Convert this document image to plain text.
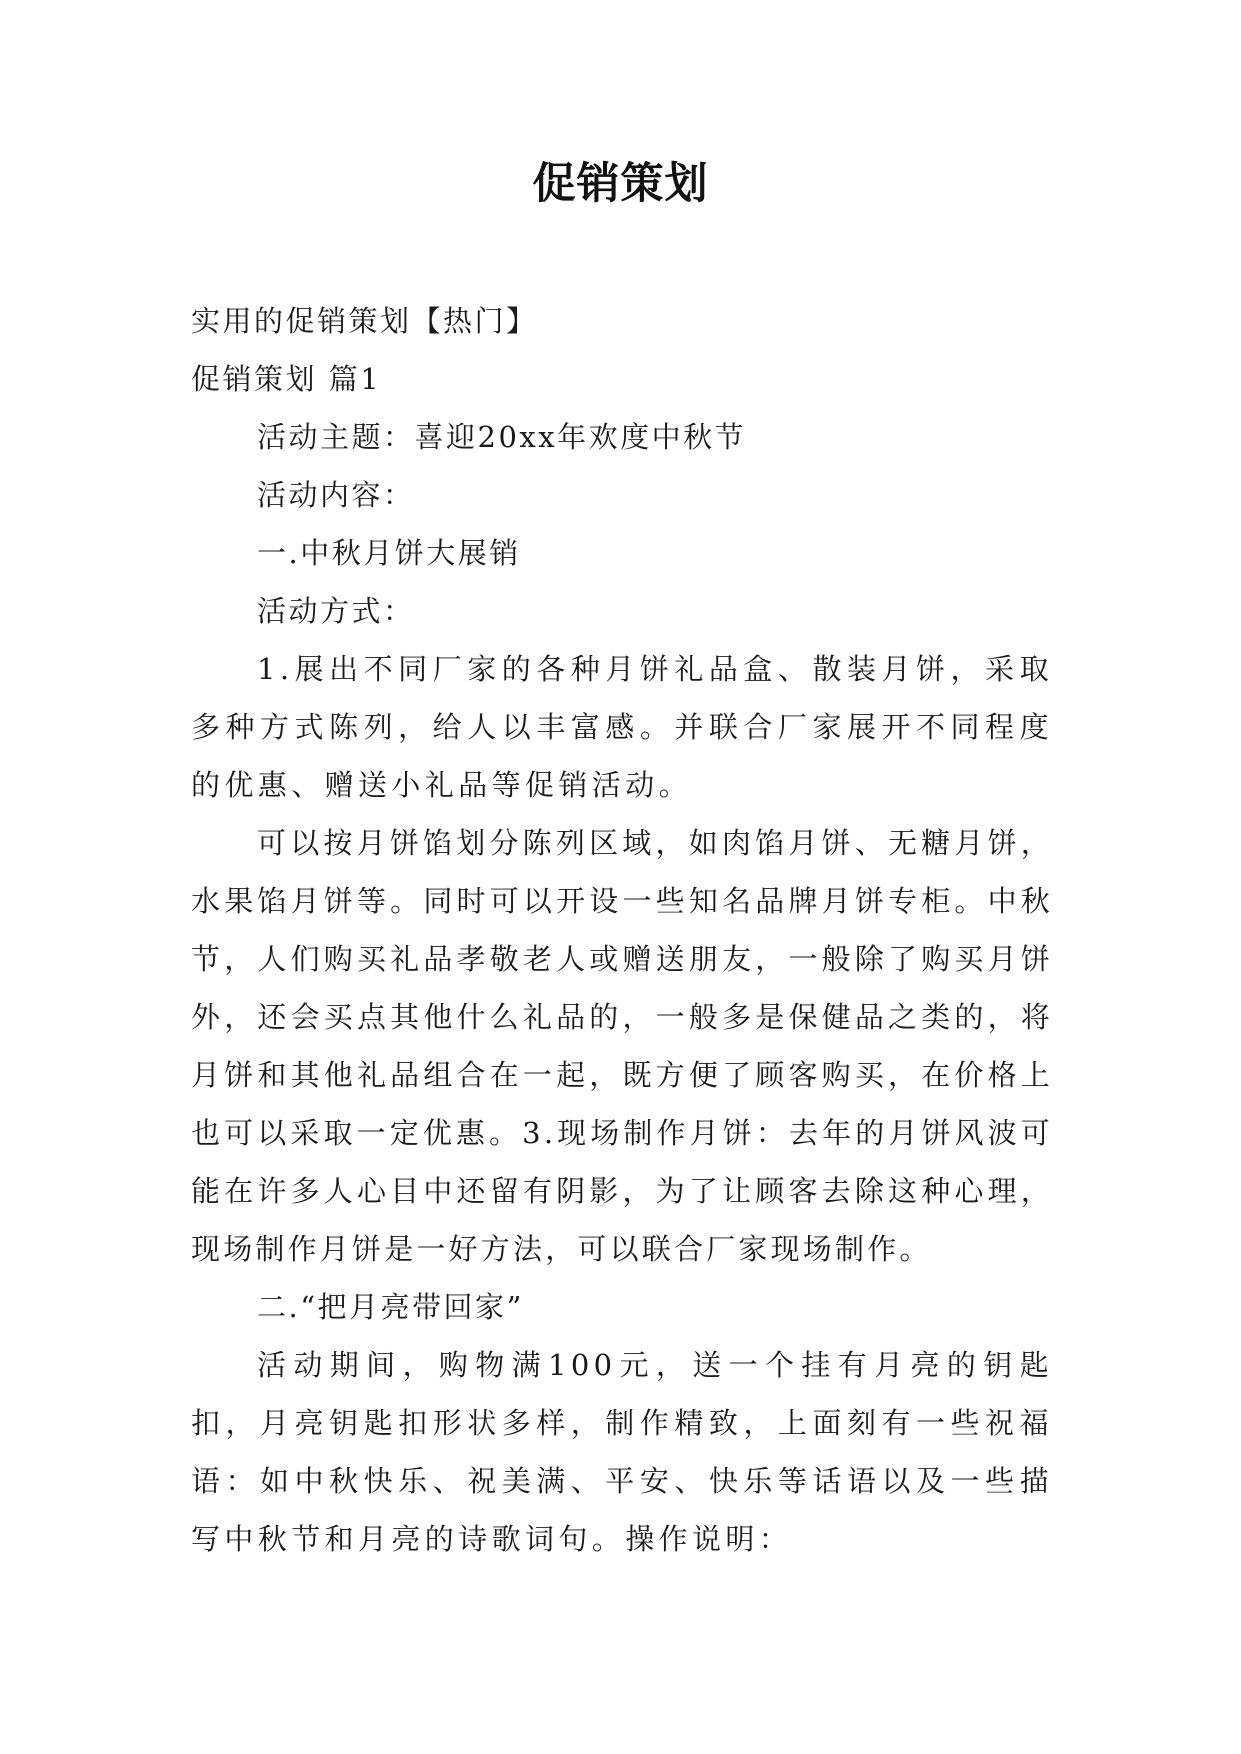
促销策划
实用的促销策划【热门】
促销策划 篇1
活动主题：喜迎20xx年欢度中秋节
活动内容：
一.中秋月饼大展销
活动方式：

1.展出不同厂家的各种月饼礼品盒、散装月饼，采取多种方式陈列，给人以丰富感。并联合厂家展开不同程度的优惠、赠送小礼品等促销活动。

可以按月饼馅划分陈列区域，如肉馅月饼、无糖月饼，水果馅月饼等。同时可以开设一些知名品牌月饼专柜。中秋节，人们购买礼品孝敬老人或赠送朋友，一般除了购买月饼外，还会买点其他什么礼品的，一般多是保健品之类的，将月饼和其他礼品组合在一起，既方便了顾客购买，在价格上也可以采取一定优惠。3.现场制作月饼：去年的月饼风波可能在许多人心目中还留有阴影，为了让顾客去除这种心理，现场制作月饼是一好方法，可以联合厂家现场制作。

二.“把月亮带回家”

活动期间，购物满100元，送一个挂有月亮的钥匙扣，月亮钥匙扣形状多样，制作精致，上面刻有一些祝福语：如中秋快乐、祝美满、平安、快乐等话语以及一些描写中秋节和月亮的诗歌词句。操作说明：
